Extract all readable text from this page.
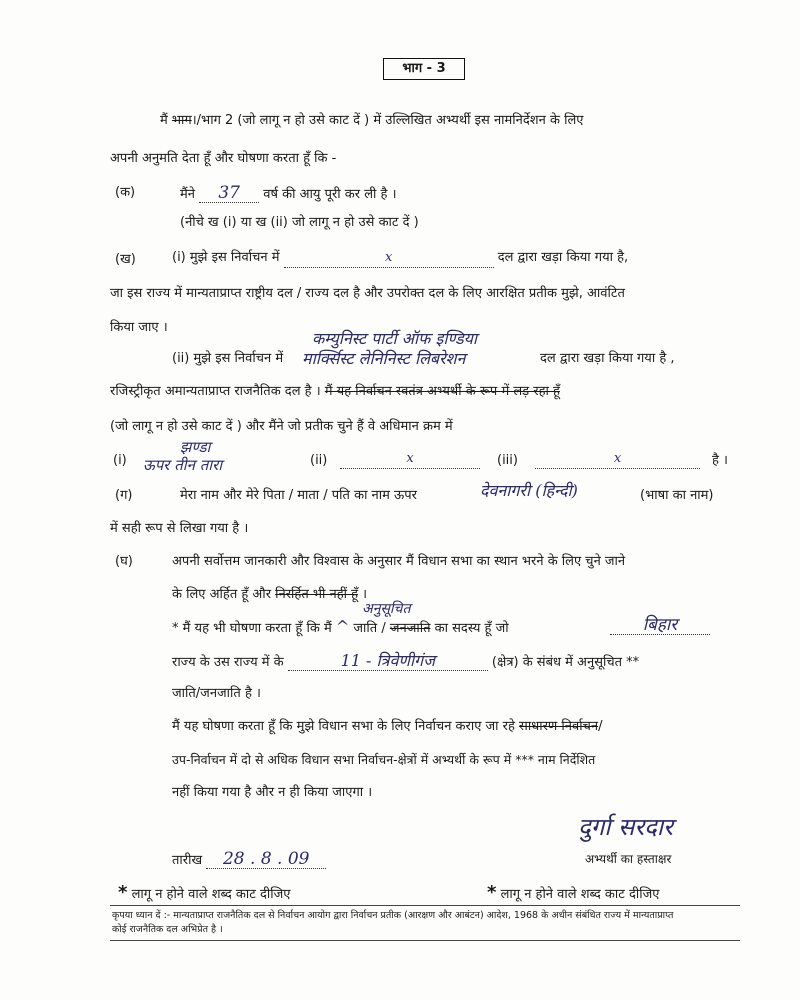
भाग - 3
मैं भाग।/भाग 2 (जो लागू न हो उसे काट दें ) में उल्लिखित अभ्यर्थी इस नामनिर्देशन के लिए
अपनी अनुमति देता हूँ और घोषणा करता हूँ कि -
(क)	मैंने 37 वर्ष की आयु पूरी कर ली है ।
(नीचे ख (i) या ख (ii) जो लागू न हो उसे काट दें )
(ख)	(i) मुझे इस निर्वाचन में	x	दल द्वारा खड़ा किया गया है,
जा इस राज्य में मान्यताप्राप्त राष्ट्रीय दल / राज्य दल है और उपरोक्त दल के लिए आरक्षित प्रतीक मुझे, आवंटित
किया जाए ।
कम्युनिस्ट पार्टी ऑफ इण्डिया
मार्क्सिस्ट लेनिनिस्ट लिबरेशन
(ii) मुझे इस निर्वाचन में	दल द्वारा खड़ा किया गया है ,
रजिस्ट्रीकृत अमान्यताप्राप्त राजनैतिक दल है । मैं यह निर्वाचन स्वतंत्र अभ्यर्थी के रूप में लड़ रहा हूँ
(जो लागू न हो उसे काट दें ) और मैंने जो प्रतीक चुने हैं वे अधिमान क्रम में
(i)
झण्डा
ऊपर तीन तारा	(ii)	x	(iii)	x	है ।
(ग)	मेरा नाम और मेरे पिता / माता / पति का नाम ऊपर	देवनागरी (हिन्दी)	(भाषा का नाम)
में सही रूप से लिखा गया है ।
(घ)	अपनी सर्वोत्तम जानकारी और विश्वास के अनुसार मैं विधान सभा का स्थान भरने के लिए चुने जाने
के लिए अर्हित हूँ और निरर्हित भी नहीं हूँ ।
अनुसूचित
* मैं यह भी घोषणा करता हूँ कि मैं ^ जाति / जनजाति का सदस्य हूँ जो	बिहार
राज्य के उस राज्य में के	11 - त्रिवेणीगंज	(क्षेत्र) के संबंध में अनुसूचित **
जाति/जनजाति है ।
मैं यह घोषणा करता हूँ कि मुझे विधान सभा के लिए निर्वाचन कराए जा रहे साधारण निर्वाचन/
उप-निर्वाचन में दो से अधिक विधान सभा निर्वाचन-क्षेत्रों में अभ्यर्थी के रूप में *** नाम निर्देशित
नहीं किया गया है और न ही किया जाएगा ।
दुर्गा सरदार
अभ्यर्थी का हस्ताक्षर
तारीख 28 . 8 . 09
* लागू न होने वाले शब्द काट दीजिए	* लागू न होने वाले शब्द काट दीजिए
कृपया ध्यान दें :- मान्यताप्राप्त राजनैतिक दल से निर्वाचन आयोग द्वारा निर्वाचन प्रतीक (आरक्षण और आबंटन) आदेश, 1968 के अधीन संबंधित राज्य में मान्यताप्राप्त
कोई राजनैतिक दल अभिप्रेत है ।
